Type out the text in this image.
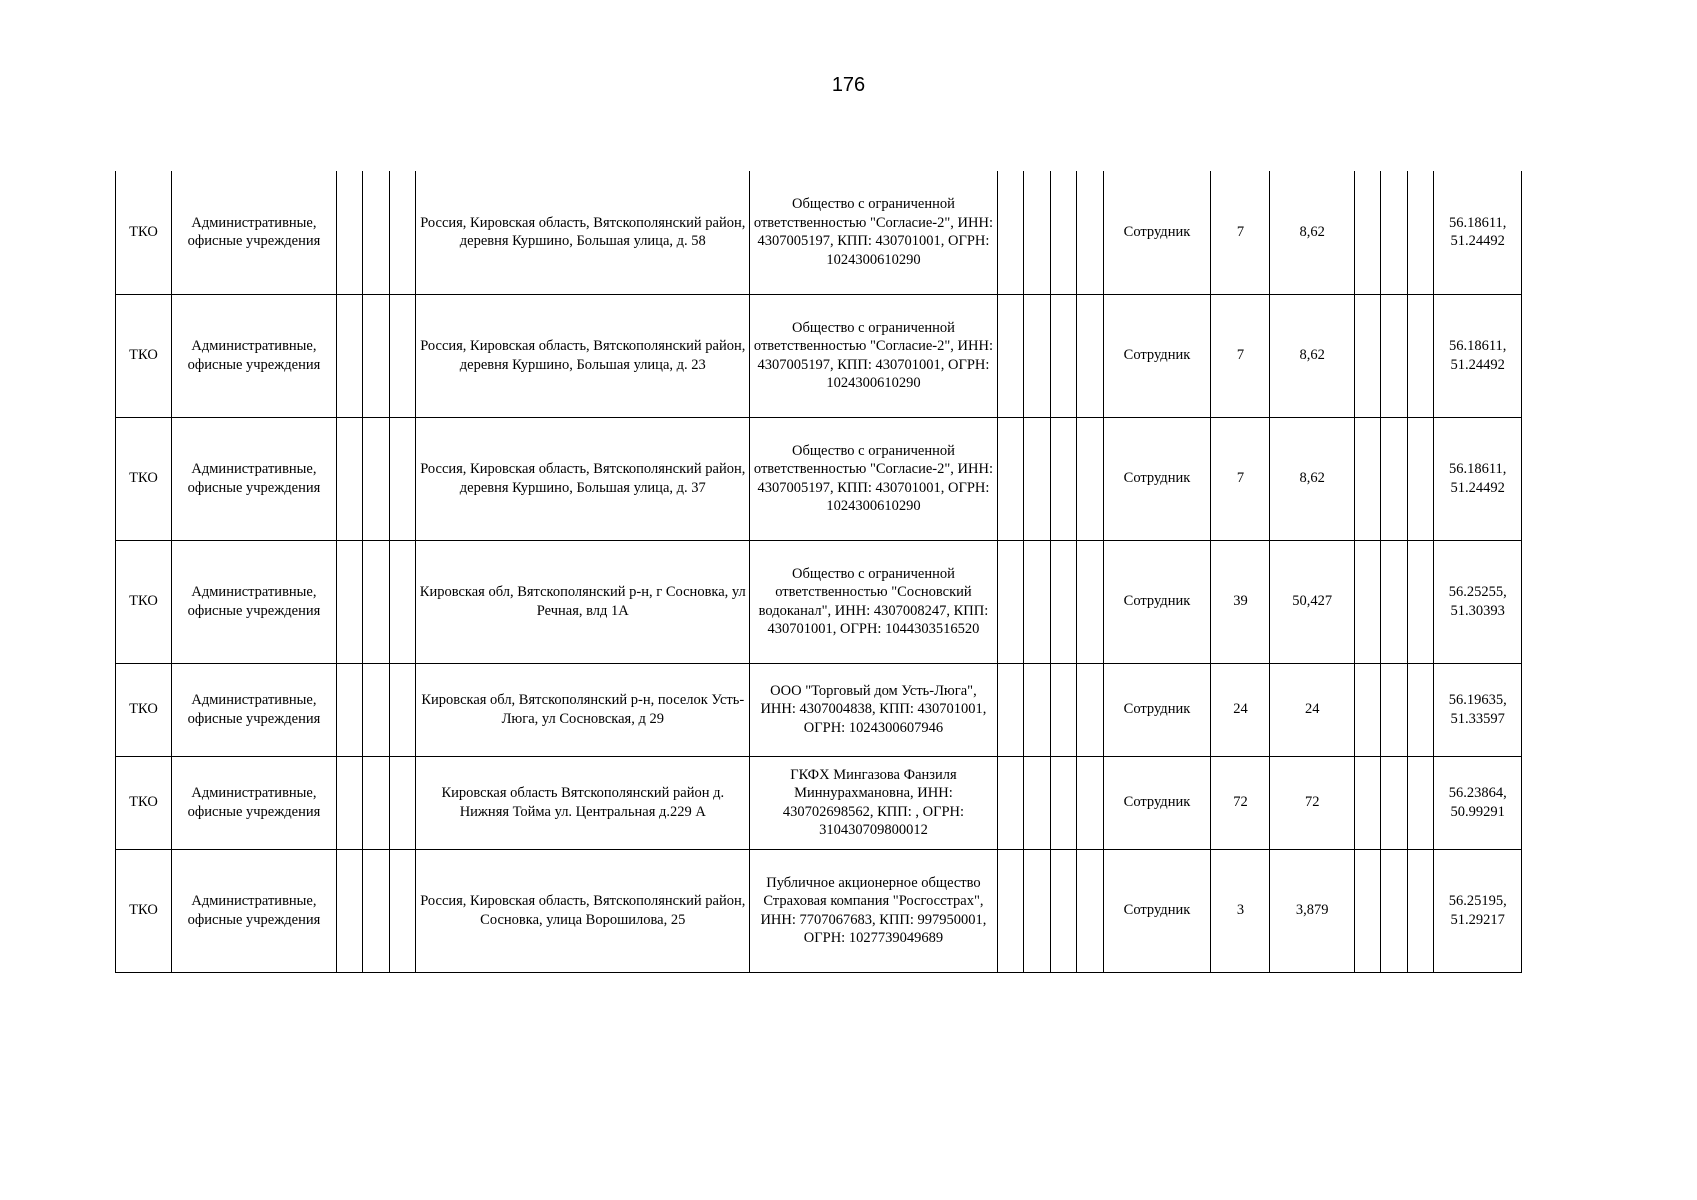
176
ТКО	Административные, офисные учреждения				Россия, Кировская область, Вятскополянский район, деревня Куршино, Большая улица, д. 58	Общество с ограниченной ответственностью "Согласие-2", ИНН: 4307005197, КПП: 430701001, ОГРН: 1024300610290					Сотрудник	7	8,62				56.18611,
51.24492

ТКО	Административные, офисные учреждения				Россия, Кировская область, Вятскополянский район, деревня Куршино, Большая улица, д. 23	Общество с ограниченной ответственностью "Согласие-2", ИНН: 4307005197, КПП: 430701001, ОГРН: 1024300610290					Сотрудник	7	8,62				56.18611,
51.24492

ТКО	Административные, офисные учреждения				Россия, Кировская область, Вятскополянский район, деревня Куршино, Большая улица, д. 37	Общество с ограниченной ответственностью "Согласие-2", ИНН: 4307005197, КПП: 430701001, ОГРН: 1024300610290					Сотрудник	7	8,62				56.18611,
51.24492

ТКО	Административные, офисные учреждения				Кировская обл, Вятскополянский р-н, г Сосновка, ул Речная, влд 1А	Общество с ограниченной ответственностью "Сосновский водоканал", ИНН: 4307008247, КПП: 430701001, ОГРН: 1044303516520					Сотрудник	39	50,427				56.25255,
51.30393

ТКО	Административные, офисные учреждения				Кировская обл, Вятскополянский р-н, поселок Усть-Люга, ул Сосновская, д 29	ООО "Торговый дом Усть-Люга", ИНН: 4307004838, КПП: 430701001, ОГРН: 1024300607946					Сотрудник	24	24				56.19635,
51.33597

ТКО	Административные, офисные учреждения				Кировская область Вятскополянский район д. Нижняя Тойма ул. Центральная д.229 А	ГКФХ Мингазова Фанзиля Миннурахмановна, ИНН: 430702698562, КПП: , ОГРН: 310430709800012					Сотрудник	72	72				56.23864,
50.99291

ТКО	Административные, офисные учреждения				Россия, Кировская область, Вятскополянский район, Сосновка, улица Ворошилова, 25	Публичное акционерное общество Страховая компания "Росгосстрах", ИНН: 7707067683, КПП: 997950001, ОГРН: 1027739049689					Сотрудник	3	3,879				56.25195,
51.29217
